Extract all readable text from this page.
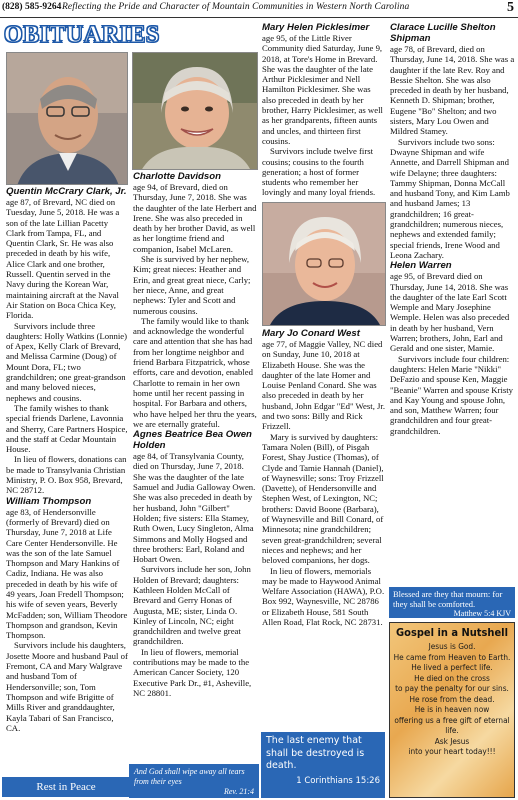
(828) 585-9264 Reflecting the Pride and Character of Mountain Communities in Western North Carolina	5
OBITUARIES
Quentin McCrary Clark, Jr.

age 87, of Brevard, NC died on Tuesday, June 5, 2018. He was a son of the late Lillian Pacetty Clark from Tampa, FL, and Quentin Clark, Sr. He was also preceded in death by his wife, Alice Clark and one brother, Russell. Quentin served in the Navy during the Korean War, maintaining aircraft at the Naval Air Station on Boca Chica Key, Florida.

Survivors include three daughters: Holly Watkins (Lonnie) of Apex, Kelly Clark of Brevard, and Melissa Carmine (Doug) of Mount Dora, FL; two grandchildren; one great-grandson and many beloved nieces, nephews and cousins.

The family wishes to thank special friends Darlene, Lavonnia and Sherry, Care Partners Hospice, and the staff at Cedar Mountain House.

In lieu of flowers, donations can be made to Transylvania Christian Ministry, P. O. Box 958, Brevard, NC 28712.

William Thompson

age 83, of Hendersonville (formerly of Brevard) died on Thursday, June 7, 2018 at Life Care Center Hendersonville. He was the son of the late Samuel Thompson and Mary Hankins of Cadiz, Indiana. He was also preceded in death by his wife of 49 years, Joan Fredell Thompson; his wife of seven years, Beverly McFadden; son, William Theodore Thompson and grandson, Kevin Thompson.

Survivors include his daughters, Josette Moore and husband Paul of Fremont, CA and Mary Walgrave and husband Tom of Hendersonville; son, Tom Thompson and wife Brigitte of Mills River and granddaughter, Kayla Tabari of San Francisco, CA.

Rest in Peace
Charlotte Davidson

age 94, of Brevard, died on Thursday, June 7, 2018. She was the daughter of the late Herbert and Irene. She was also preceded in death by her brother David, as well as her longtime friend and companion, Isabel McLaren.

She is survived by her nephew, Kim; great nieces: Heather and Erin, and great great niece, Carly; her niece, Anne, and great nephews: Tyler and Scott and numerous cousins.

The family would like to thank and acknowledge the wonderful care and attention that she has had from her longtime neighbor and friend Barbara Fitzpatrick, whose efforts, care and devotion, enabled Charlotte to remain in her own home until her recent passing in hospital. For Barbara and others, who have helped her thru the years, we are eternally grateful.

Agnes Beatrice Bea Owen Holden

age 84, of Transylvania County, died on Thursday, June 7, 2018. She was the daughter of the late Samuel and Judia Galloway Owen. She was also preceded in death by her husband, John "Gilbert" Holden; five sisters: Ella Stamey, Ruth Owen, Lucy Singleton, Alma Simmons and Molly Hogsed and three brothers: Earl, Roland and Hobart Owen.

Survivors include her son, John Holden of Brevard; daughters: Kathleen Holden McCall of Brevard and Gerry Honas of Augusta, ME; sister, Linda O. Kinley of Lincoln, NC; eight grandchildren and twelve great grandchildren.

In lieu of flowers, memorial contributions may be made to the American Cancer Society, 120 Executive Park Dr., #1, Asheville, NC 28801.

And God shall wipe away all tears from their eyes
Rev. 21:4
Mary Helen Picklesimer

age 95, of the Little River Community died Saturday, June 9, 2018, at Tore's Home in Brevard. She was the daughter of the late Arthur Picklesimer and Nell Hamilton Picklesimer. She was also preceded in death by her brother, Harry Picklesimer, as well as her grandparents, fifteen aunts and uncles, and thirteen first cousins.

Survivors include twelve first cousins; cousins to the fourth generation; a host of former students who remember her lovingly and many loyal friends.

Mary Jo Conard West

age 77, of Maggie Valley, NC died on Sunday, June 10, 2018 at Elizabeth House. She was the daughter of the late Homer and Louise Penland Conard. She was also preceded in death by her husband, John Edgar "Ed" West, Jr. and two sons: Billy and Rick Frizzell.

Mary is survived by daughters: Tamara Nolen (Bill), of Pisgah Forest, Shay Justice (Thomas), of Clyde and Tamie Hannah (Daniel), of Waynesville; sons: Troy Frizzell (Davette), of Hendersonville and Stephen West, of Lexington, NC; brothers: David Boone (Barbara), of Waynesville and Bill Conard, of Minnesota; nine grandchildren; seven great-grandchildren; several nieces and nephews; and her beloved companions, her dogs.

In lieu of flowers, memorials may be made to Haywood Animal Welfare Association (HAWA), P.O. Box 992, Waynesville, NC 28786 or Elizabeth House, 581 South Allen Road, Flat Rock, NC 28731.

The last enemy that shall be destroyed is death.
1 Corinthians 15:26
Clarace Lucille Shelton Shipman

age 78, of Brevard, died on Thursday, June 14, 2018. She was a daughter if the late Rev. Roy and Bessie Shelton. She was also preceded in death by her husband, Kenneth D. Shipman; brother, Eugene "Bo" Shelton; and two sisters, Mary Lou Owen and Mildred Stamey.

Survivors include two sons: Dwayne Shipman and wife Annette, and Darrell Shipman and wife Delayne; three daughters: Tammy Shipman, Donna McCall and husband Tony, and Kim Lamb and husband James; 13 grandchildren; 16 great-grandchildren; numerous nieces, nephews and extended family; special friends, Irene Wood and Leona Zachary.

Helen Warren

age 95, of Brevard died on Thursday, June 14, 2018. She was the daughter of the late Earl Scott Wemple and Mary Josephine Wemple. Helen was also preceded in death by her husband, Vern Warren; brothers, John, Earl and Gerald and one sister, Mamie.

Survivors include four children: daughters: Helen Marie "Nikki" DeFazio and spouse Ken, Maggie "Beanie" Warren and spouse Kristy and Kay Young and spouse John, and son, Matthew Warren; four grandchildren and four great-grandchildren.

Blessed are they that mourn: for they shall be comforted.
Matthew 5:4 KJV
Gospel in a Nutshell
Jesus is God.
He came from Heaven to Earth.
He lived a perfect life.
He died on the cross
to pay the penalty for our sins.
He rose from the dead.
He is in heaven now
offering us a free gift of eternal life.
Ask Jesus
into your heart today!!!
